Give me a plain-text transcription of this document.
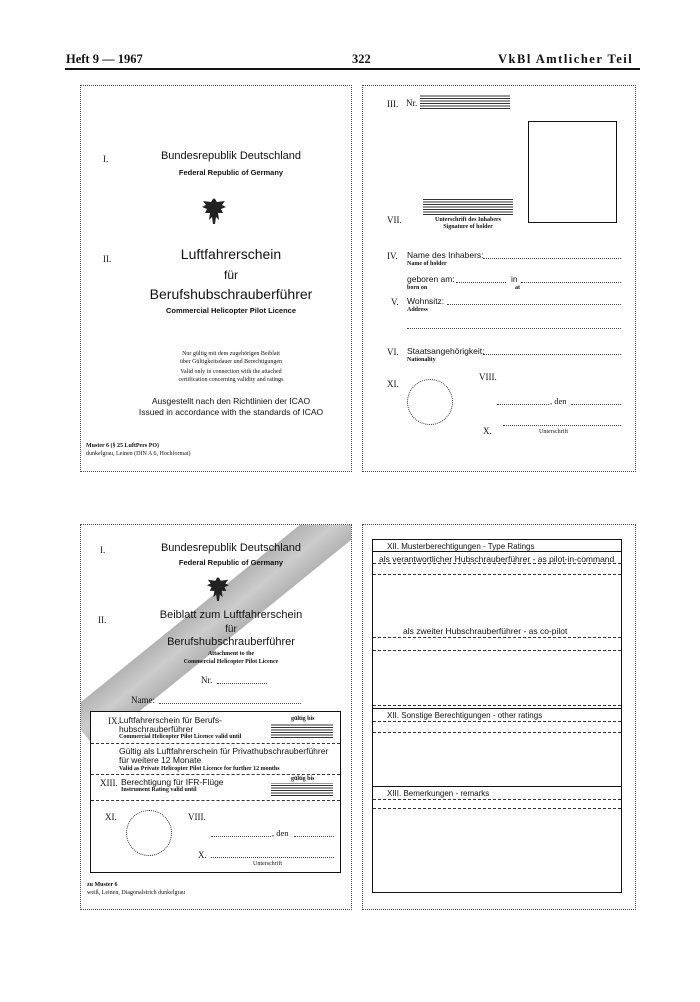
Heft 9 — 1967	322	VkBl Amtlicher Teil
I.	Bundesrepublik Deutschland
Federal Republic of Germany
II.	Luftfahrerschein
für
Berufshubschrauberführer
Commercial Helicopter Pilot Licence
Nur gültig mit dem zugehörigen Beiblatt
über Gültigkeitsdauer und Berechtigungen
Valid only in connection with the attached
certification concerning validity and ratings
Ausgestellt nach den Richtlinien der ICAO
Issued in accordance with the standards of ICAO
Muster 6 (§ 25 LuftPers PO)
dunkelgrau, Leinen (DIN A 6, Hochformat)
III. Nr.
VII.	Unterschrift des Inhabers
Signature of holder
IV. Name des Inhabers:
Name of holder
geboren am:	in
born on	at
V. Wohnsitz:
Address
VI. Staatsangehörigkeit:
Nationality
XI.
VIII.
, den
X.	Unterschrift
I.	Bundesrepublik Deutschland
Federal Republic of Germany
II.	Beiblatt zum Luftfahrerschein
für
Berufshubschrauberführer
Attachment to the
Commercial Helicopter Pilot Licence
Nr.
Name:
IX. Luftfahrerschein für Berufs-
hubschrauberführer
Commercial Helicopter Pilot Licence valid until
gültig bis
Gültig als Luftfahrerschein für Privathubschrauberführer
für weitere 12 Monate
Valid as Private Helicopter Pilot Licence for further 12 months
XIII. Berechtigung für IFR-Flüge
Instrument Rating valid until
gültig bis
XI.	VIII.
, den
X.
Unterschrift
zu Muster 6
weiß, Leinen, Diagonalstrich dunkelgrau
XII. Musterberechtigungen - Type Ratings
als verantwortlicher Hubschrauberführer - as pilot-in-command
als zweiter Hubschrauberführer - as co-pilot
XII. Sonstige Berechtigungen - other ratings
XIII. Bemerkungen - remarks
